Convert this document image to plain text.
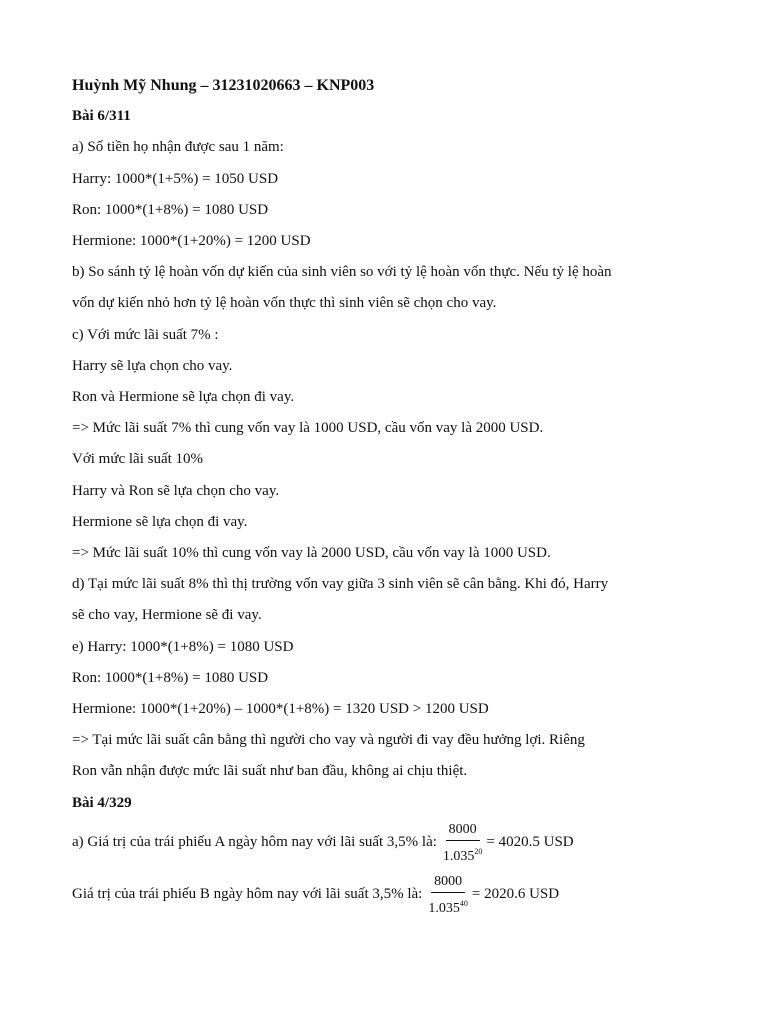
Huỳnh Mỹ Nhung – 31231020663 – KNP003
Bài 6/311
a) Số tiền họ nhận được sau 1 năm:
Harry: 1000*(1+5%) = 1050 USD
Ron: 1000*(1+8%) = 1080 USD
Hermione: 1000*(1+20%) = 1200 USD
b) So sánh tỷ lệ hoàn vốn dự kiến của sinh viên so với tỷ lệ hoàn vốn thực. Nếu tỷ lệ hoàn
vốn dự kiến nhỏ hơn tỷ lệ hoàn vốn thực thì sinh viên sẽ chọn cho vay.
c) Với mức lãi suất 7% :
Harry sẽ lựa chọn cho vay.
Ron và Hermione sẽ lựa chọn đi vay.
=> Mức lãi suất 7% thì cung vốn vay là 1000 USD, cầu vốn vay là 2000 USD.
Với mức lãi suất 10%
Harry và Ron sẽ lựa chọn cho vay.
Hermione sẽ lựa chọn đi vay.
=> Mức lãi suất 10% thì cung vốn vay là 2000 USD, cầu vốn vay là 1000 USD.
d) Tại mức lãi suất 8% thì thị trường vốn vay giữa 3 sinh viên sẽ cân bằng. Khi đó, Harry
sẽ cho vay, Hermione sẽ đi vay.
e) Harry: 1000*(1+8%) = 1080 USD
Ron: 1000*(1+8%) = 1080 USD
Hermione: 1000*(1+20%) – 1000*(1+8%) = 1320 USD > 1200 USD
=> Tại mức lãi suất cân bằng thì người cho vay và người đi vay đều hưởng lợi. Riêng
Ron vẫn nhận được mức lãi suất như ban đầu, không ai chịu thiệt.
Bài 4/329
a) Giá trị của trái phiếu A ngày hôm nay với lãi suất 3,5% là: $\frac{8000}{1.035^{20}} = 4020.5$ USD
Giá trị của trái phiếu B ngày hôm nay với lãi suất 3,5% là: $\frac{8000}{1.035^{40}} = 2020.6$ USD
